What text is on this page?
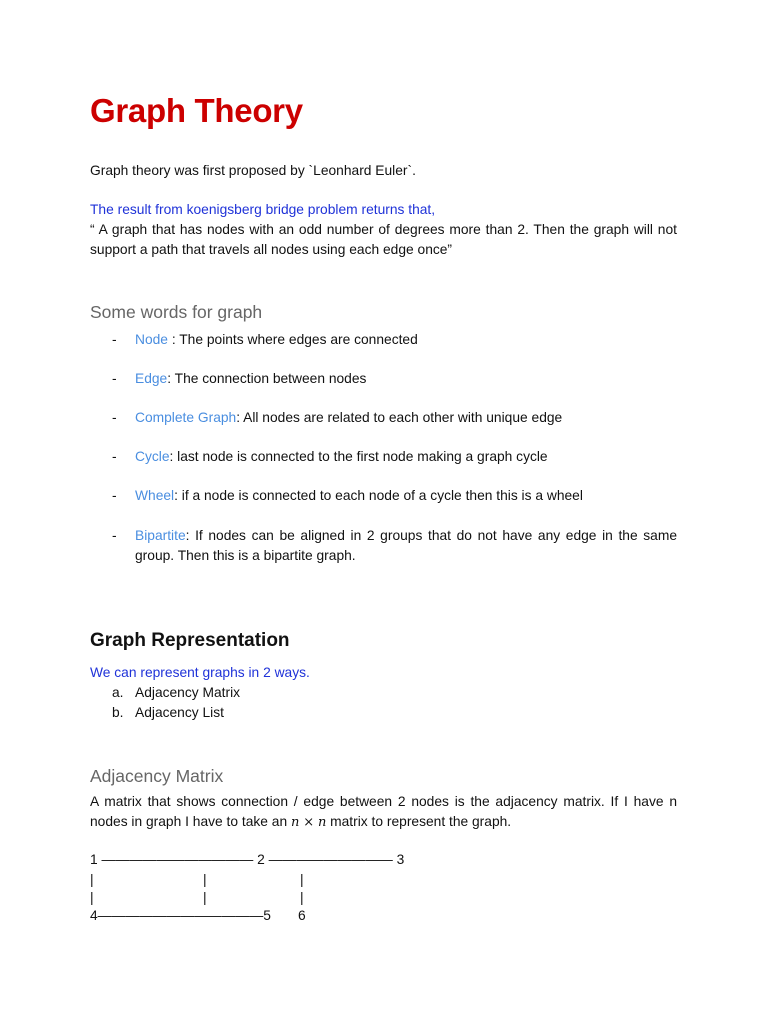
Graph Theory
Graph theory was first proposed by `Leonhard Euler`.
The result from koenigsberg bridge problem returns that,
“ A graph that has nodes with an odd number of degrees more than 2. Then the graph will not support a path that travels all nodes using each edge once”
Some words for graph
- Node : The points where edges are connected
- Edge: The connection between nodes
- Complete Graph: All nodes are related to each other with unique edge
- Cycle: last node is connected to the first node making a graph cycle
- Wheel: if a node is connected to each node of a cycle then this is a wheel
- Bipartite: If nodes can be aligned in 2 groups that do not have any edge in the same group. Then this is a bipartite graph.
Graph Representation
We can represent graphs in 2 ways.
a. Adjacency Matrix
b. Adjacency List
Adjacency Matrix
A matrix that shows connection / edge between 2 nodes is the adjacency matrix. If I have n nodes in graph I have to take an n × n matrix to represent the graph.
1 ——————————— 2 ————————— 3
|	|	|
|	|	|
4————————————5 6
